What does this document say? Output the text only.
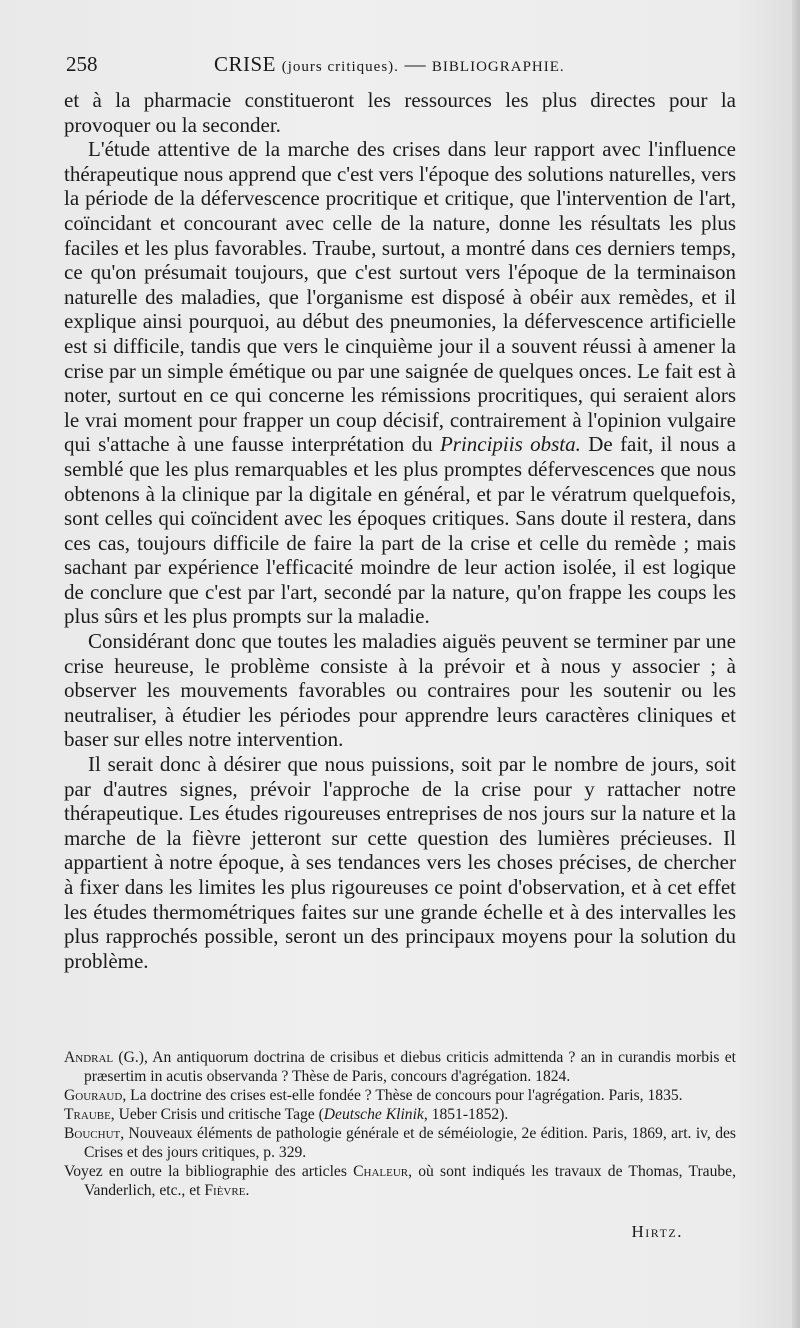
258	CRISE (jours critiques). — BIBLIOGRAPHIE.

et à la pharmacie constitueront les ressources les plus directes pour la provoquer ou la seconder.

L'étude attentive de la marche des crises dans leur rapport avec l'influence thérapeutique nous apprend que c'est vers l'époque des solutions naturelles, vers la période de la défervescence procritique et critique, que l'intervention de l'art, coïncidant et concourant avec celle de la nature, donne les résultats les plus faciles et les plus favorables. Traube, surtout, a montré dans ces derniers temps, ce qu'on présumait toujours, que c'est surtout vers l'époque de la terminaison naturelle des maladies, que l'organisme est disposé à obéir aux remèdes, et il explique ainsi pourquoi, au début des pneumonies, la défervescence artificielle est si difficile, tandis que vers le cinquième jour il a souvent réussi à amener la crise par un simple émétique ou par une saignée de quelques onces. Le fait est à noter, surtout en ce qui concerne les rémissions procritiques, qui seraient alors le vrai moment pour frapper un coup décisif, contrairement à l'opinion vulgaire qui s'attache à une fausse interprétation du Principiis obsta. De fait, il nous a semblé que les plus remarquables et les plus promptes défervescences que nous obtenons à la clinique par la digitale en général, et par le vératrum quelquefois, sont celles qui coïncident avec les époques critiques. Sans doute il restera, dans ces cas, toujours difficile de faire la part de la crise et celle du remède ; mais sachant par expérience l'efficacité moindre de leur action isolée, il est logique de conclure que c'est par l'art, secondé par la nature, qu'on frappe les coups les plus sûrs et les plus prompts sur la maladie.

Considérant donc que toutes les maladies aiguës peuvent se terminer par une crise heureuse, le problème consiste à la prévoir et à nous y associer ; à observer les mouvements favorables ou contraires pour les soutenir ou les neutraliser, à étudier les périodes pour apprendre leurs caractères cliniques et baser sur elles notre intervention.

Il serait donc à désirer que nous puissions, soit par le nombre de jours, soit par d'autres signes, prévoir l'approche de la crise pour y rattacher notre thérapeutique. Les études rigoureuses entreprises de nos jours sur la nature et la marche de la fièvre jetteront sur cette question des lumières précieuses. Il appartient à notre époque, à ses tendances vers les choses précises, de chercher à fixer dans les limites les plus rigoureuses ce point d'observation, et à cet effet les études thermométriques faites sur une grande échelle et à des intervalles les plus rapprochés possible, seront un des principaux moyens pour la solution du problème.

Andral (G.), An antiquorum doctrina de crisibus et diebus criticis admittenda ? an in curandis morbis et præsertim in acutis observanda ? Thèse de Paris, concours d'agrégation. 1824.

Gouraud, La doctrine des crises est-elle fondée ? Thèse de concours pour l'agrégation. Paris, 1835.

Traube, Ueber Crisis und critische Tage (Deutsche Klinik, 1851-1852).

Bouchut, Nouveaux éléments de pathologie générale et de séméiologie, 2e édition. Paris, 1869, art. iv, des Crises et des jours critiques, p. 329.

Voyez en outre la bibliographie des articles Chaleur, où sont indiqués les travaux de Thomas, Traube, Vanderlich, etc., et Fièvre.

Hirtz.
